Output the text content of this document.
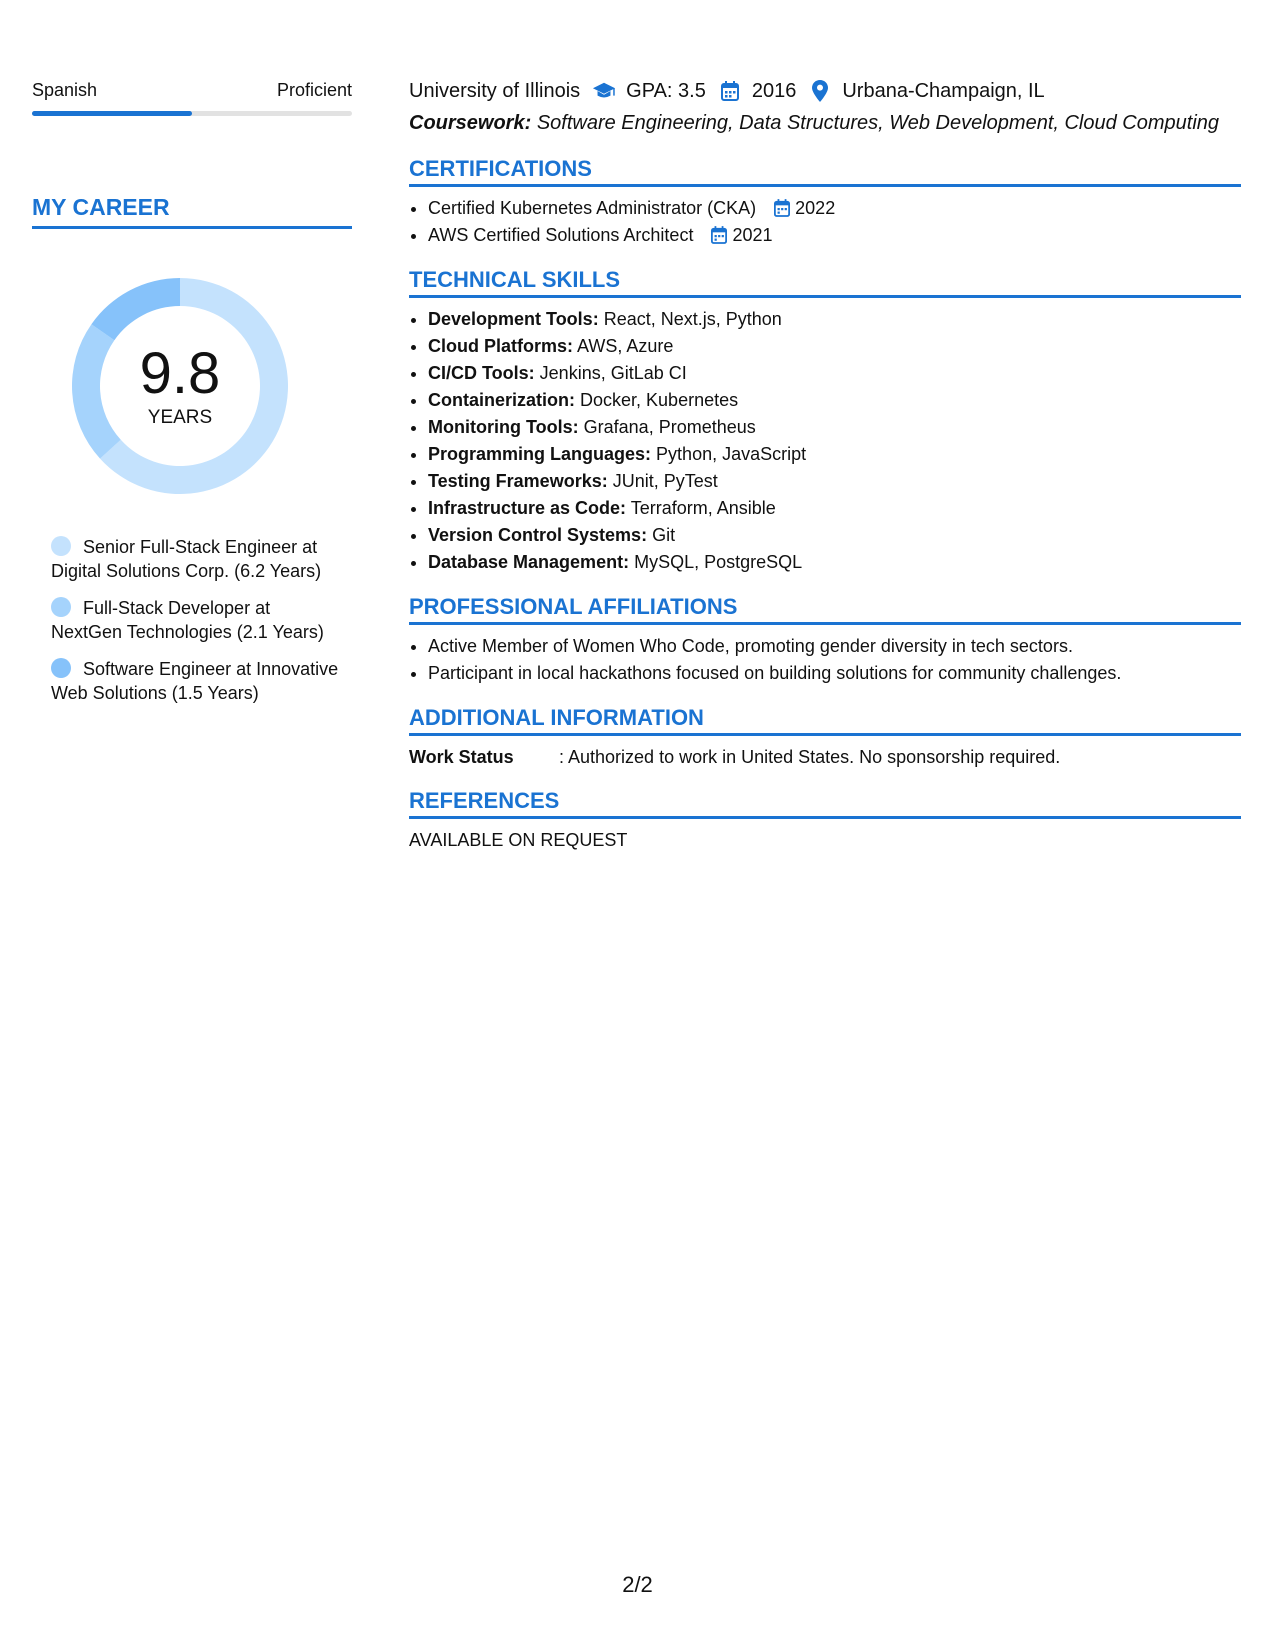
Spanish	Proficient
MY CAREER
9.8
YEARS
Senior Full-Stack Engineer at Digital Solutions Corp. (6.2 Years)
Full-Stack Developer at NextGen Technologies (2.1 Years)
Software Engineer at Innovative Web Solutions (1.5 Years)
University of Illinois GPA: 3.5 2016 Urbana-Champaign, IL
Coursework: Software Engineering, Data Structures, Web Development, Cloud Computing
CERTIFICATIONS
• Certified Kubernetes Administrator (CKA) 2022
• AWS Certified Solutions Architect 2021
TECHNICAL SKILLS
• Development Tools: React, Next.js, Python
• Cloud Platforms: AWS, Azure
• CI/CD Tools: Jenkins, GitLab CI
• Containerization: Docker, Kubernetes
• Monitoring Tools: Grafana, Prometheus
• Programming Languages: Python, JavaScript
• Testing Frameworks: JUnit, PyTest
• Infrastructure as Code: Terraform, Ansible
• Version Control Systems: Git
• Database Management: MySQL, PostgreSQL
PROFESSIONAL AFFILIATIONS
• Active Member of Women Who Code, promoting gender diversity in tech sectors.
• Participant in local hackathons focused on building solutions for community challenges.
ADDITIONAL INFORMATION
Work Status	: Authorized to work in United States. No sponsorship required.
REFERENCES
AVAILABLE ON REQUEST
2/2
